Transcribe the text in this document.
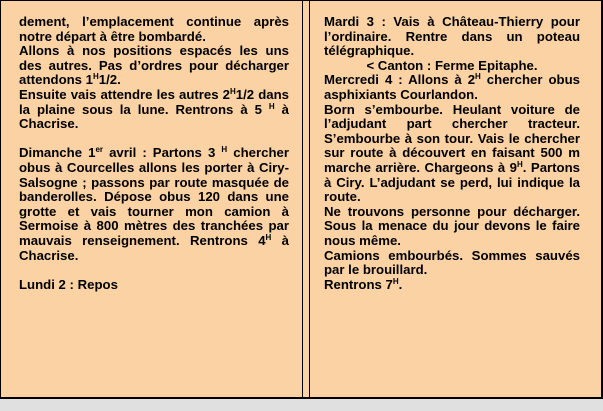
dement, l’emplacement continue après notre départ à être bombardé.
Allons à nos positions espacés les uns des autres. Pas d’ordres pour décharger attendons $1^H1/2$.
Ensuite vais attendre les autres $2^H1/2$ dans la plaine sous la lune. Rentrons à 5 $^H$ à Chacrise.

Dimanche 1er avril : Partons 3 $^H$ chercher obus à Courcelles allons les porter à Ciry-Salsogne ; passons par route masquée de banderolles. Dépose obus 120 dans une grotte et vais tourner mon camion à Sermoise à 800 mètres des tranchées par mauvais renseignement. Rentrons $4^H$ à Chacrise.

Lundi 2 : Repos

Mardi 3 : Vais à Château-Thierry pour l’ordinaire. Rentre dans un poteau télégraphique.

< Canton : Ferme Epitaphe.

Mercredi 4 : Allons à $2^H$ chercher obus asphixiants Courlandon.

Born s’embourbe. Heulant voiture de l’adjudant part chercher tracteur. S’embourbe à son tour. Vais le chercher sur route à découvert en faisant 500 m marche arrière. Chargeons à $9^H$. Partons à Ciry. L’adjudant se perd, lui indique la route.

Ne trouvons personne pour décharger. Sous la menace du jour devons le faire nous même.

Camions embourbés. Sommes sauvés par le brouillard.

Rentrons $7^H$.
